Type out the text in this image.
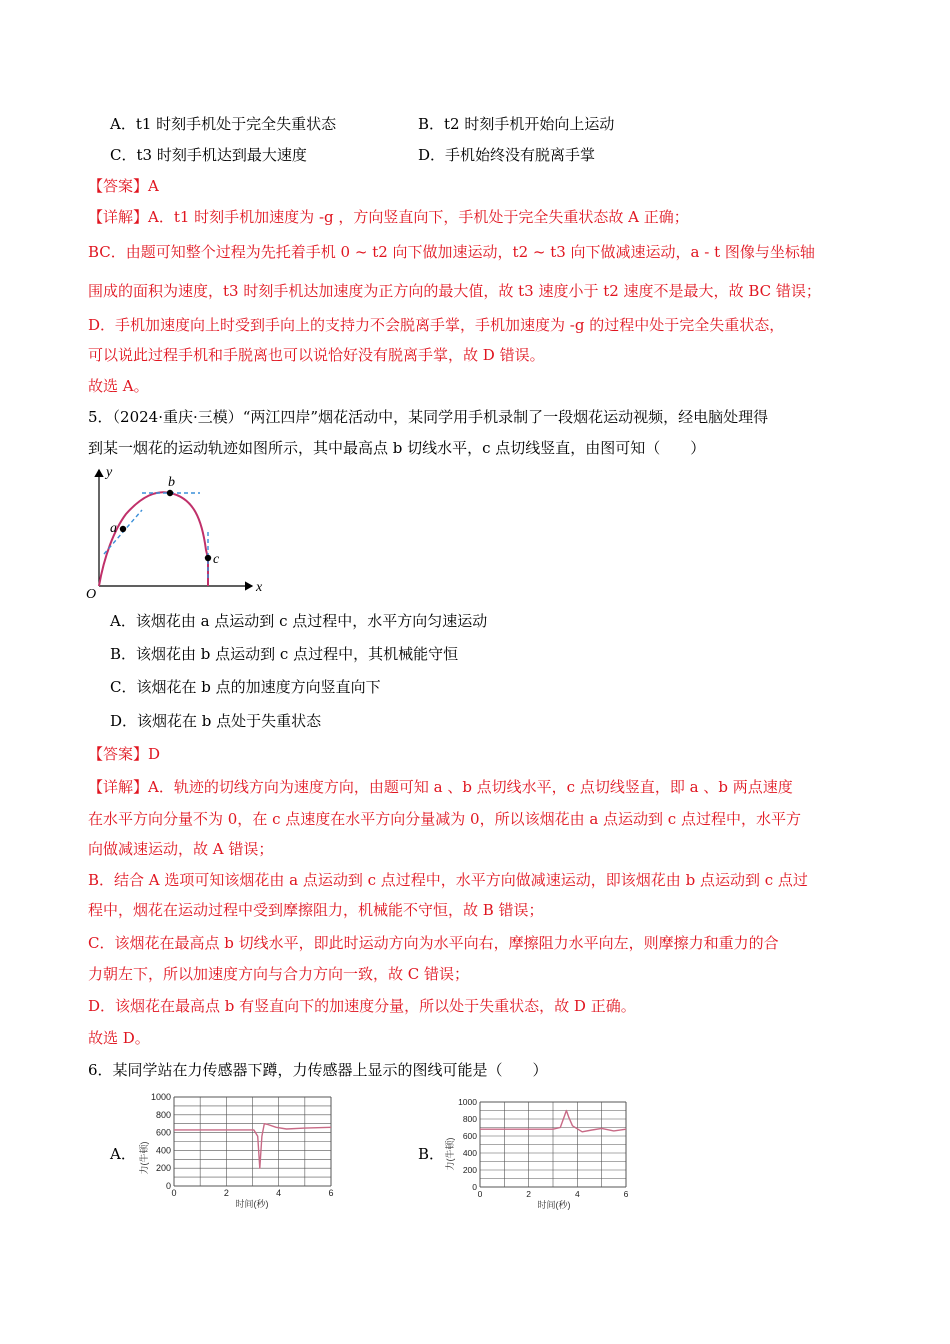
A．t1 时刻手机处于完全失重状态	B．t2 时刻手机开始向上运动
C．t3 时刻手机达到最大速度	D．手机始终没有脱离手掌
【答案】A
【详解】A．t1 时刻手机加速度为 -g ，方向竖直向下，手机处于完全失重状态故 A 正确；
BC．由题可知整个过程为先托着手机 0 ~ t2 向下做加速运动，t2 ~ t3 向下做减速运动，a - t 图像与坐标轴
围成的面积为速度，t3 时刻手机达加速度为正方向的最大值，故 t3 速度小于 t2 速度不是最大，故 BC 错误；
D．手机加速度向上时受到手向上的支持力不会脱离手掌，手机加速度为 -g 的过程中处于完全失重状态，
可以说此过程手机和手脱离也可以说恰好没有脱离手掌，故 D 错误。
故选 A。
5．（2024·重庆·三模）“两江四岸”烟花活动中，某同学用手机录制了一段烟花运动视频，经电脑处理得
到某一烟花的运动轨迹如图所示，其中最高点 b 切线水平，c 点切线竖直，由图可知（　　）
y
x
O
a
b
c
A．该烟花由 a 点运动到 c 点过程中，水平方向匀速运动
B．该烟花由 b 点运动到 c 点过程中，其机械能守恒
C．该烟花在 b 点的加速度方向竖直向下
D．该烟花在 b 点处于失重状态
【答案】D
【详解】A．轨迹的切线方向为速度方向，由题可知 a 、b 点切线水平，c 点切线竖直，即 a 、b 两点速度
在水平方向分量不为 0，在 c 点速度在水平方向分量减为 0，所以该烟花由 a 点运动到 c 点过程中，水平方
向做减速运动，故 A 错误；
B．结合 A 选项可知该烟花由 a 点运动到 c 点过程中，水平方向做减速运动，即该烟花由 b 点运动到 c 点过
程中，烟花在运动过程中受到摩擦阻力，机械能不守恒，故 B 错误；
C．该烟花在最高点 b 切线水平，即此时运动方向为水平向右，摩擦阻力水平向左，则摩擦力和重力的合
力朝左下，所以加速度方向与合力方向一致，故 C 错误；
D．该烟花在最高点 b 有竖直向下的加速度分量，所以处于失重状态，故 D 正确。
故选 D。
6．某同学站在力传感器下蹲，力传感器上显示的图线可能是（　　）
A．	B．
力(牛顿)
时间(秒)
0
200
400
600
800
1000
0	2	4	6
力(牛顿)
时间(秒)
0
200
400
600
800
1000
0	2	4	6
